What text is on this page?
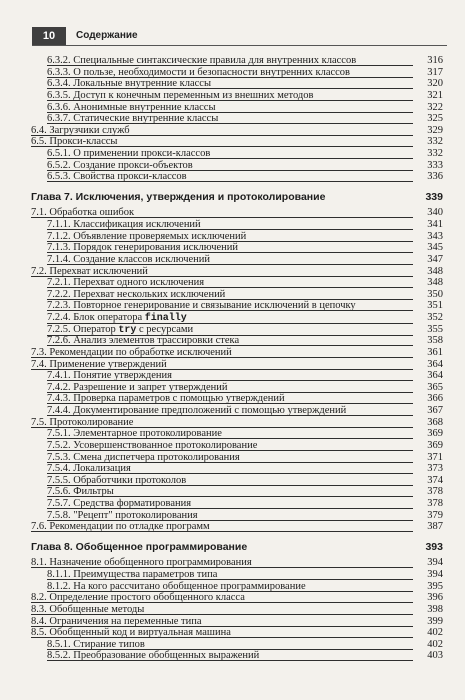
10	Содержание
6.3.2. Специальные синтаксические правила для внутренних классов	316
6.3.3. О пользе, необходимости и безопасности внутренних классов	317
6.3.4. Локальные внутренние классы	320
6.3.5. Доступ к конечным переменным из внешних методов	321
6.3.6. Анонимные внутренние классы	322
6.3.7. Статические внутренние классы	325
6.4. Загрузчики служб	329
6.5. Прокси-классы	332
6.5.1. О применении прокси-классов	332
6.5.2. Создание прокси-объектов	333
6.5.3. Свойства прокси-классов	336
Глава 7. Исключения, утверждения и протоколирование	339
7.1. Обработка ошибок	340
7.1.1. Классификация исключений	341
7.1.2. Объявление проверяемых исключений	343
7.1.3. Порядок генерирования исключений	345
7.1.4. Создание классов исключений	347
7.2. Перехват исключений	348
7.2.1. Перехват одного исключения	348
7.2.2. Перехват нескольких исключений	350
7.2.3. Повторное генерирование и связывание исключений в цепочку	351
7.2.4. Блок оператора finally	352
7.2.5. Оператор try с ресурсами	355
7.2.6. Анализ элементов трассировки стека	358
7.3. Рекомендации по обработке исключений	361
7.4. Применение утверждений	364
7.4.1. Понятие утверждения	364
7.4.2. Разрешение и запрет утверждений	365
7.4.3. Проверка параметров с помощью утверждений	366
7.4.4. Документирование предположений с помощью утверждений	367
7.5. Протоколирование	368
7.5.1. Элементарное протоколирование	369
7.5.2. Усовершенствованное протоколирование	369
7.5.3. Смена диспетчера протоколирования	371
7.5.4. Локализация	373
7.5.5. Обработчики протоколов	374
7.5.6. Фильтры	378
7.5.7. Средства форматирования	378
7.5.8. "Рецепт" протоколирования	379
7.6. Рекомендации по отладке программ	387
Глава 8. Обобщенное программирование	393
8.1. Назначение обобщенного программирования	394
8.1.1. Преимущества параметров типа	394
8.1.2. На кого рассчитано обобщенное программирование	395
8.2. Определение простого обобщенного класса	396
8.3. Обобщенные методы	398
8.4. Ограничения на переменные типа	399
8.5. Обобщенный код и виртуальная машина	402
8.5.1. Стирание типов	402
8.5.2. Преобразование обобщенных выражений	403
